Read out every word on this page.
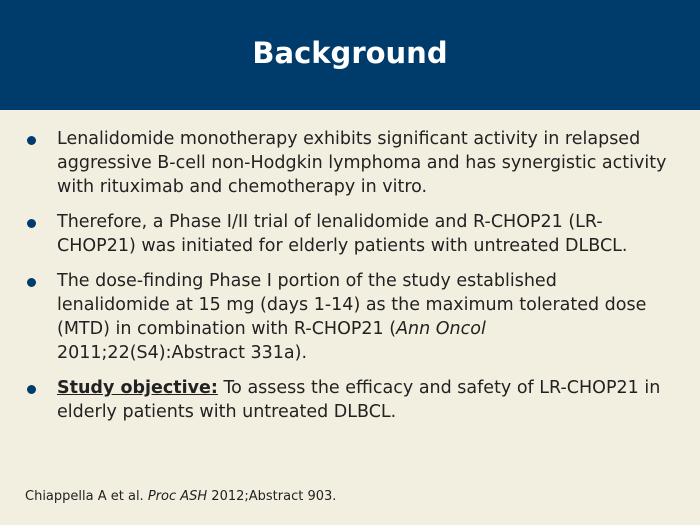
Background
Lenalidomide monotherapy exhibits significant activity in relapsed aggressive B-cell non-Hodgkin lymphoma and has synergistic activity with rituximab and chemotherapy in vitro.
Therefore, a Phase I/II trial of lenalidomide and R-CHOP21 (LR-CHOP21) was initiated for elderly patients with untreated DLBCL.
The dose-finding Phase I portion of the study established lenalidomide at 15 mg (days 1-14) as the maximum tolerated dose (MTD) in combination with R-CHOP21 (Ann Oncol 2011;22(S4):Abstract 331a).
Study objective: To assess the efficacy and safety of LR-CHOP21 in elderly patients with untreated DLBCL.
Chiappella A et al. Proc ASH 2012;Abstract 903.
